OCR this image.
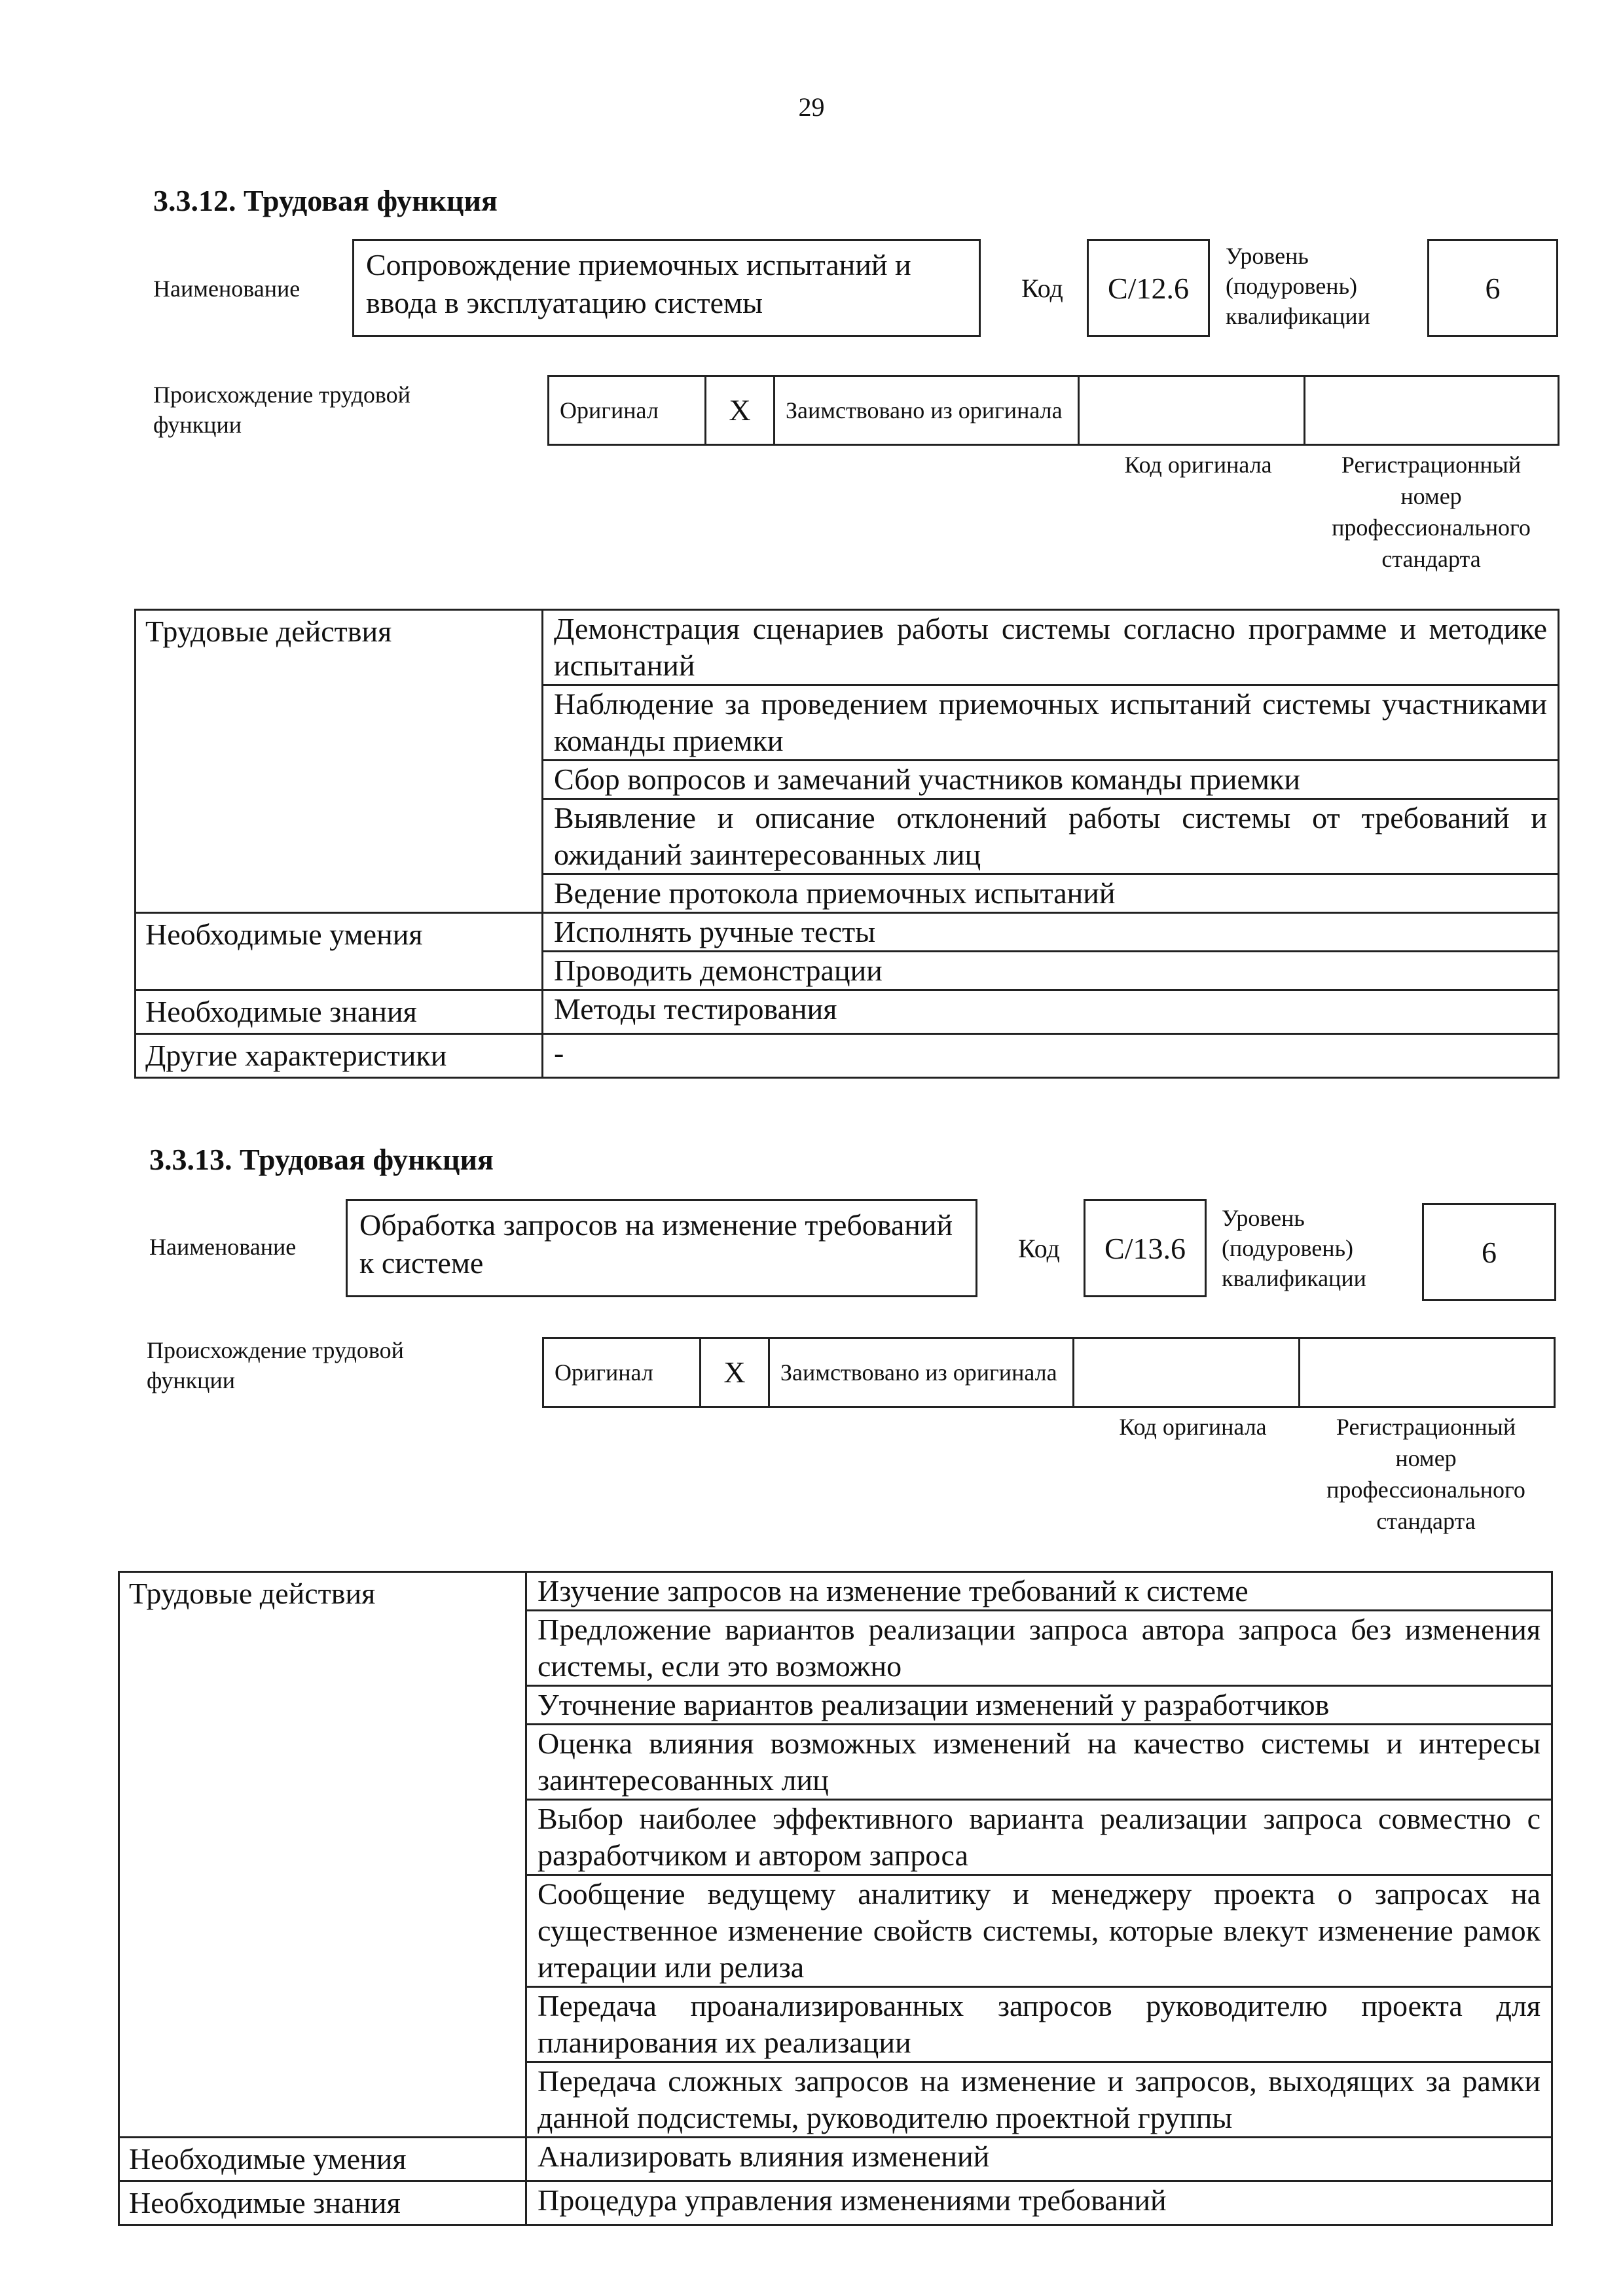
29
3.3.12. Трудовая функция
Наименование
Сопровождение приемочных испытаний и ввода в эксплуатацию системы	Код	C/12.6
Уровень
(подуровень)
квалификации
6
Происхождение трудовой функции
Оригинал	X	Заимствовано из оригинала		
Код оригинала	Регистрационный
номер
профессионального
стандарта
Трудовые действия	Демонстрация сценариев работы системы согласно программе и методике испытаний
	Наблюдение за проведением приемочных испытаний системы участниками команды приемки
	Сбор вопросов и замечаний участников команды приемки
	Выявление и описание отклонений работы системы от требований и ожиданий заинтересованных лиц
	Ведение протокола приемочных испытаний
Необходимые умения	Исполнять ручные тесты
	Проводить демонстрации
Необходимые знания	Методы тестирования
Другие характеристики	-
3.3.13. Трудовая функция
Наименование
Обработка запросов на изменение требований к системе	Код	C/13.6
Уровень
(подуровень)
квалификации
6
Происхождение трудовой функции	Оригинал	X	Заимствовано из оригинала		
Код оригинала	Регистрационный
номер
профессионального
стандарта
Трудовые действия	Изучение запросов на изменение требований к системе
	Предложение вариантов реализации запроса автора запроса без изменения системы, если это возможно
	Уточнение вариантов реализации изменений у разработчиков
	Оценка влияния возможных изменений на качество системы и интересы заинтересованных лиц
	Выбор наиболее эффективного варианта реализации запроса совместно с разработчиком и автором запроса
	Сообщение ведущему аналитику и менеджеру проекта о запросах на существенное изменение свойств системы, которые влекут изменение рамок итерации или релиза
	Передача проанализированных запросов руководителю проекта для планирования их реализации
	Передача сложных запросов на изменение и запросов, выходящих за рамки данной подсистемы, руководителю проектной группы
Необходимые умения	Анализировать влияния изменений
Необходимые знания	Процедура управления изменениями требований
